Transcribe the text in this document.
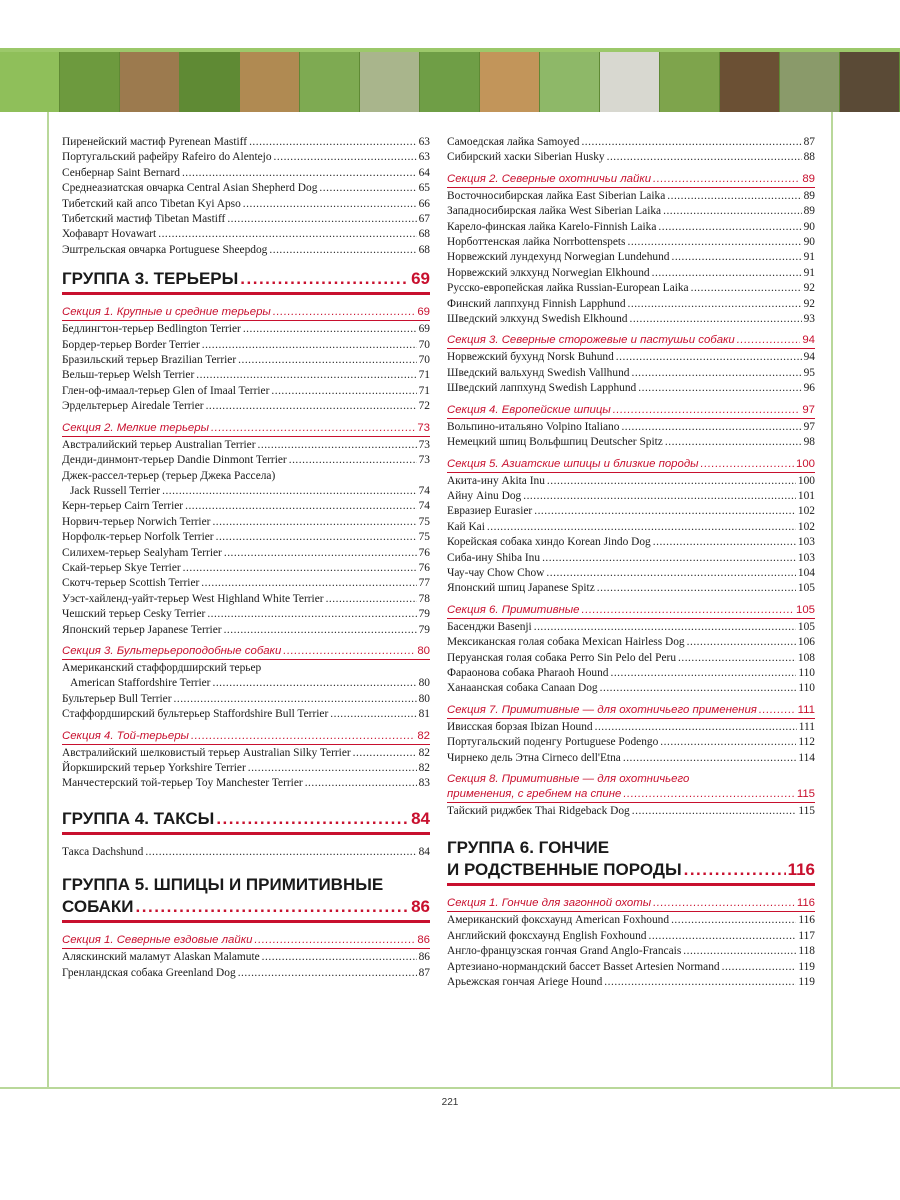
Пиренейский мастиф Pyrenean Mastiff .....	63
Португальский рафейру Rafeiro do Alentejo .....	63
Сенбернар Saint Bernard .....	64
Среднеазиатская овчарка Central Asian Shepherd Dog .....	65
Тибетский кай апсо Tibetan Kyi Apso .....	66
Тибетский мастиф Tibetan Mastiff .....	67
Хофаварт Hovawart .....	68
Эштрельская овчарка Portuguese Sheepdog .....	68
ГРУППА 3. ТЕРЬЕРЫ .....	69
Секция 1. Крупные и средние терьеры .....	69
Бедлингтон-терьер Bedlington Terrier .....	69
Бордер-терьер Border Terrier .....	70
Бразильский терьер Brazilian Terrier .....	70
Вельш-терьер Welsh Terrier .....	71
Глен-оф-имаал-терьер Glen of Imaal Terrier .....	71
Эрдельтерьер Airedale Terrier .....	72
Секция 2. Мелкие терьеры .....	73
Австралийский терьер Australian Terrier .....	73
Денди-динмонт-терьер Dandie Dinmont Terrier .....	73
Джек-рассел-терьер (терьер Джека Рассела)
Jack Russell Terrier .....	74
Керн-терьер Cairn Terrier .....	74
Норвич-терьер Norwich Terrier .....	75
Норфолк-терьер Norfolk Terrier .....	75
Силихем-терьер Sealyham Terrier .....	76
Скай-терьер Skye Terrier .....	76
Скотч-терьер Scottish Terrier .....	77
Уэст-хайленд-уайт-терьер West Highland White Terrier .....	78
Чешский терьер Cesky Terrier .....	79
Японский терьер Japanese Terrier .....	79
Секция 3. Бультерьероподобные собаки .....	80
Американский стаффордширский терьер
American Staffordshire Terrier .....	80
Бультерьер Bull Terrier .....	80
Стаффордширский бультерьер Staffordshire Bull Terrier .....	81
Секция 4. Той-терьеры .....	82
Австралийский шелковистый терьер Australian Silky Terrier .....	82
Йоркширский терьер Yorkshire Terrier .....	82
Манчестерский той-терьер Toy Manchester Terrier .....	83
ГРУППА 4. ТАКСЫ .....	84
Такса Dachshund .....	84
ГРУППА 5. ШПИЦЫ И ПРИМИТИВНЫЕ
СОБАКИ .....	86
Секция 1. Северные ездовые лайки .....	86
Аляскинский маламут Alaskan Malamute .....	86
Гренландская собака Greenland Dog .....	87
Самоедская лайка Samoyed .....	87
Сибирский хаски Siberian Husky .....	88
Секция 2. Северные охотничьи лайки .....	89
Восточносибирская лайка East Siberian Laika .....	89
Западносибирская лайка West Siberian Laika .....	89
Карело-финская лайка Karelo-Finnish Laika .....	90
Норботтенская лайка Norrbottenspets .....	90
Норвежский лундехунд Norwegian Lundehund .....	91
Норвежский элкхунд Norwegian Elkhound .....	91
Русско-европейская лайка Russian-European Laika .....	92
Финский лаппхунд Finnish Lapphund .....	92
Шведский элкхунд Swedish Elkhound .....	93
Секция 3. Северные сторожевые и пастушьи собаки .....	94
Норвежский бухунд Norsk Buhund .....	94
Шведский вальхунд Swedish Vallhund .....	95
Шведский лаппхунд Swedish Lapphund .....	96
Секция 4. Европейские шпицы .....	97
Вольпино-итальяно Volpino Italiano .....	97
Немецкий шпиц Вольфшпиц Deutscher Spitz .....	98
Секция 5. Азиатские шпицы и близкие породы .....	100
Акита-ину Akita Inu .....	100
Айну Ainu Dog .....	101
Евразиер Eurasier .....	102
Кай Kai .....	102
Корейская собака хиндо Korean Jindo Dog .....	103
Сиба-ину Shiba Inu .....	103
Чау-чау Chow Chow .....	104
Японский шпиц Japanese Spitz .....	105
Секция 6. Примитивные .....	105
Басенджи Basenji .....	105
Мексиканская голая собака Mexican Hairless Dog .....	106
Перуанская голая собака Perro Sin Pelo del Peru .....	108
Фараонова собака Pharaoh Hound .....	110
Ханаанская собака Canaan Dog .....	110
Секция 7. Примитивные — для охотничьего применения .....	111
Ивисская борзая Ibizan Hound .....	111
Португальский поденгу Portuguese Podengo .....	112
Чирнеко дель Этна Cirneco dell'Etna .....	114
Секция 8. Примитивные — для охотничьего
применения, с гребнем на спине .....	115
Тайский риджбек Thai Ridgeback Dog .....	115
ГРУППА 6. ГОНЧИЕ
И РОДСТВЕННЫЕ ПОРОДЫ .....	116
Секция 1. Гончие для загонной охоты .....	116
Американский фоксхаунд American Foxhound .....	116
Английский фоксхаунд English Foxhound .....	117
Англо-французская гончая Grand Anglo-Francais .....	118
Артезиано-нормандский бассет Basset Artesien Normand .....	119
Арьежская гончая Ariege Hound .....	119
221
